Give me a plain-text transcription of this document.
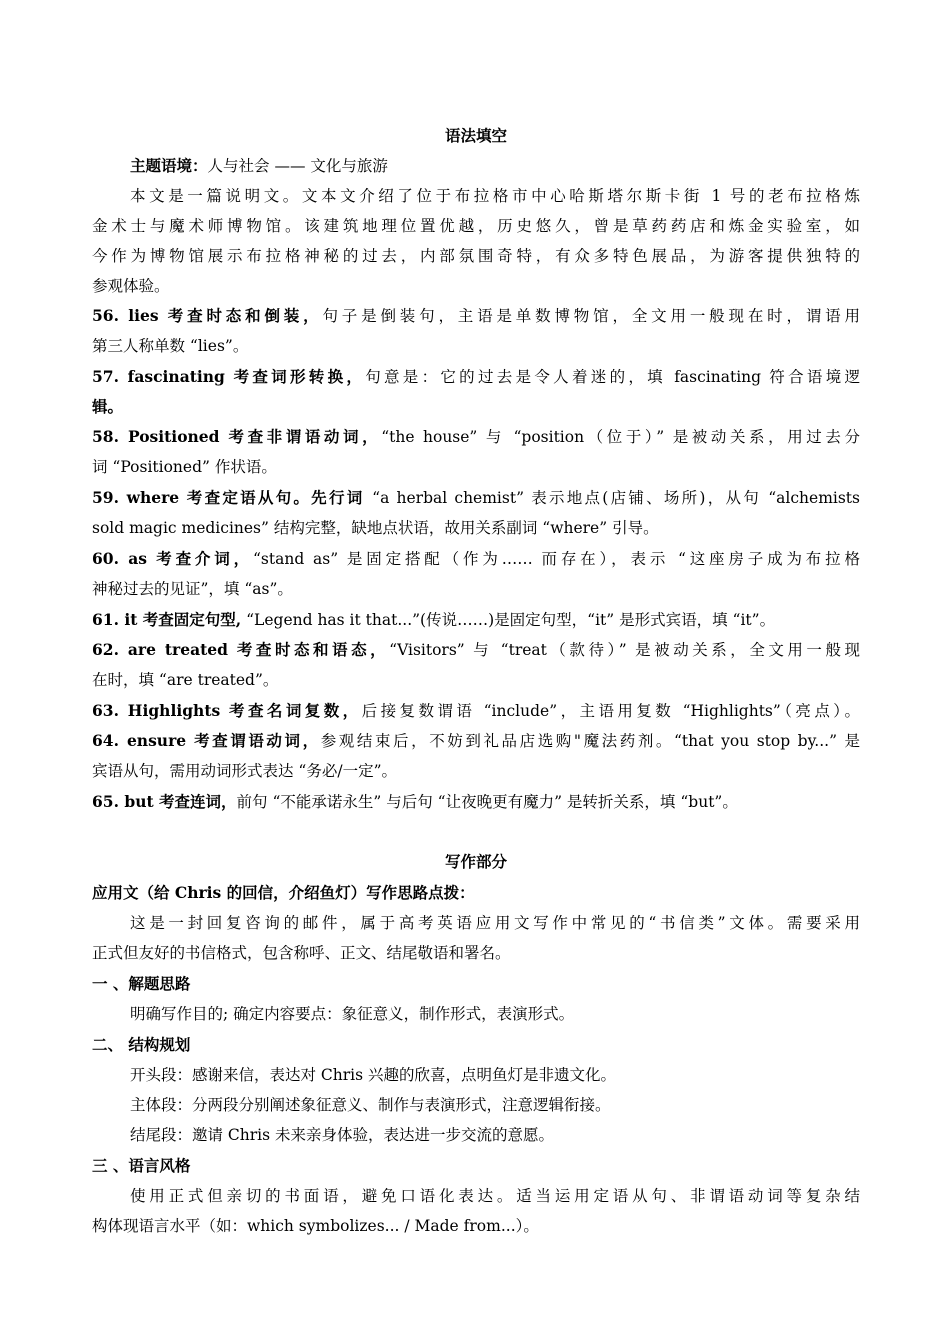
语法填空
主题语境：人与社会 —— 文化与旅游
本文是一篇说明文。文本文介绍了位于布拉格市中心哈斯塔尔斯卡街 1 号的老布拉格炼
金术士与魔术师博物馆。该建筑地理位置优越，历史悠久，曾是草药药店和炼金实验室，如
今作为博物馆展示布拉格神秘的过去，内部氛围奇特，有众多特色展品，为游客提供独特的
参观体验。
56. lies 考查时态和倒装，句子是倒装句，主语是单数博物馆，全文用一般现在时，谓语用
第三人称单数 “lies”。
57. fascinating 考查词形转换，句意是：它的过去是令人着迷的，填 fascinating 符合语境逻
辑。
58. Positioned 考查非谓语动词，“the house” 与 “position（位于）” 是被动关系，用过去分
词 “Positioned” 作状语。
59. where 考查定语从句。先行词 “a herbal chemist” 表示地点(店铺、场所)，从句 “alchemists
sold magic medicines” 结构完整，缺地点状语，故用关系副词 “where” 引导。
60. as 考查介词，“stand as” 是固定搭配（作为…… 而存在），表示 “这座房子成为布拉格
神秘过去的见证”，填 “as”。
61. it 考查固定句型, “Legend has it that...”(传说……)是固定句型，“it” 是形式宾语，填 “it”。
62. are treated 考查时态和语态，“Visitors” 与 “treat（款待）” 是被动关系，全文用一般现
在时，填 “are treated”。
63. Highlights 考查名词复数，后接复数谓语 “include”，主语用复数 “Highlights”（亮点）。
64. ensure 考查谓语动词，参观结束后，不妨到礼品店选购"魔法药剂。“that you stop by...” 是
宾语从句，需用动词形式表达 “务必/一定”。
65. but 考查连词，前句 “不能承诺永生” 与后句 “让夜晚更有魔力” 是转折关系，填 “but”。
写作部分
应用文（给 Chris 的回信，介绍鱼灯）写作思路点拨：
这是一封回复咨询的邮件，属于高考英语应用文写作中常见的“书信类”文体。需要采用
正式但友好的书信格式，包含称呼、正文、结尾敬语和署名。
一 、解题思路
明确写作目的; 确定内容要点：象征意义，制作形式，表演形式。
二、 结构规划
开头段：感谢来信，表达对 Chris 兴趣的欣喜，点明鱼灯是非遗文化。
主体段：分两段分别阐述象征意义、制作与表演形式，注意逻辑衔接。
结尾段：邀请 Chris 未来亲身体验，表达进一步交流的意愿。
三 、语言风格
使用正式但亲切的书面语，避免口语化表达。适当运用定语从句、非谓语动词等复杂结
构体现语言水平（如：which symbolizes... / Made from...）。
